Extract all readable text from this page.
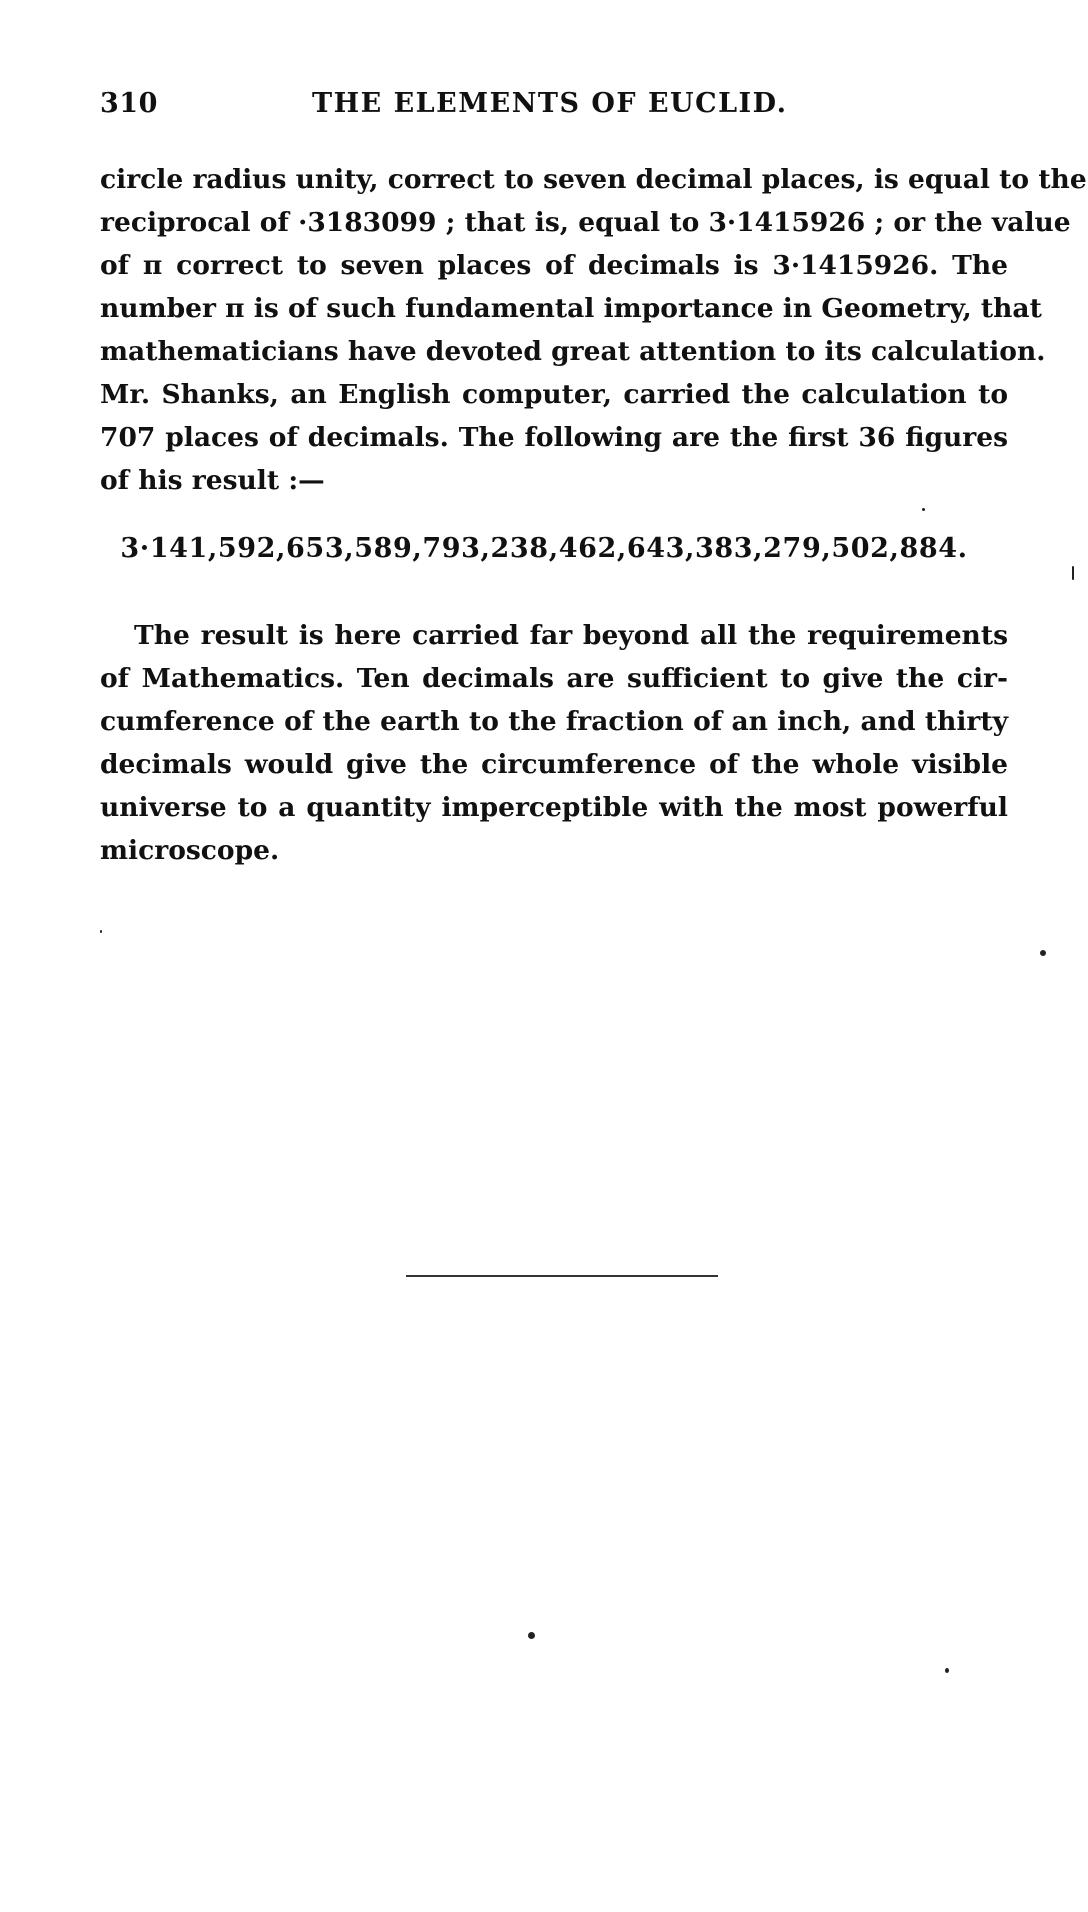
310	THE ELEMENTS OF EUCLID.
circle radius unity, correct to seven decimal places, is equal to the
reciprocal of ·3183099 ; that is, equal to 3·1415926 ; or the value
of π correct to seven places of decimals is 3·1415926. The
number π is of such fundamental importance in Geometry, that
mathematicians have devoted great attention to its calculation.
Mr. Shanks, an English computer, carried the calculation to
707 places of decimals. The following are the first 36 figures
of his result :—
3·141,592,653,589,793,238,462,643,383,279,502,884.
The result is here carried far beyond all the requirements
of Mathematics. Ten decimals are sufficient to give the cir-
cumference of the earth to the fraction of an inch, and thirty
decimals would give the circumference of the whole visible
universe to a quantity imperceptible with the most powerful
microscope.
